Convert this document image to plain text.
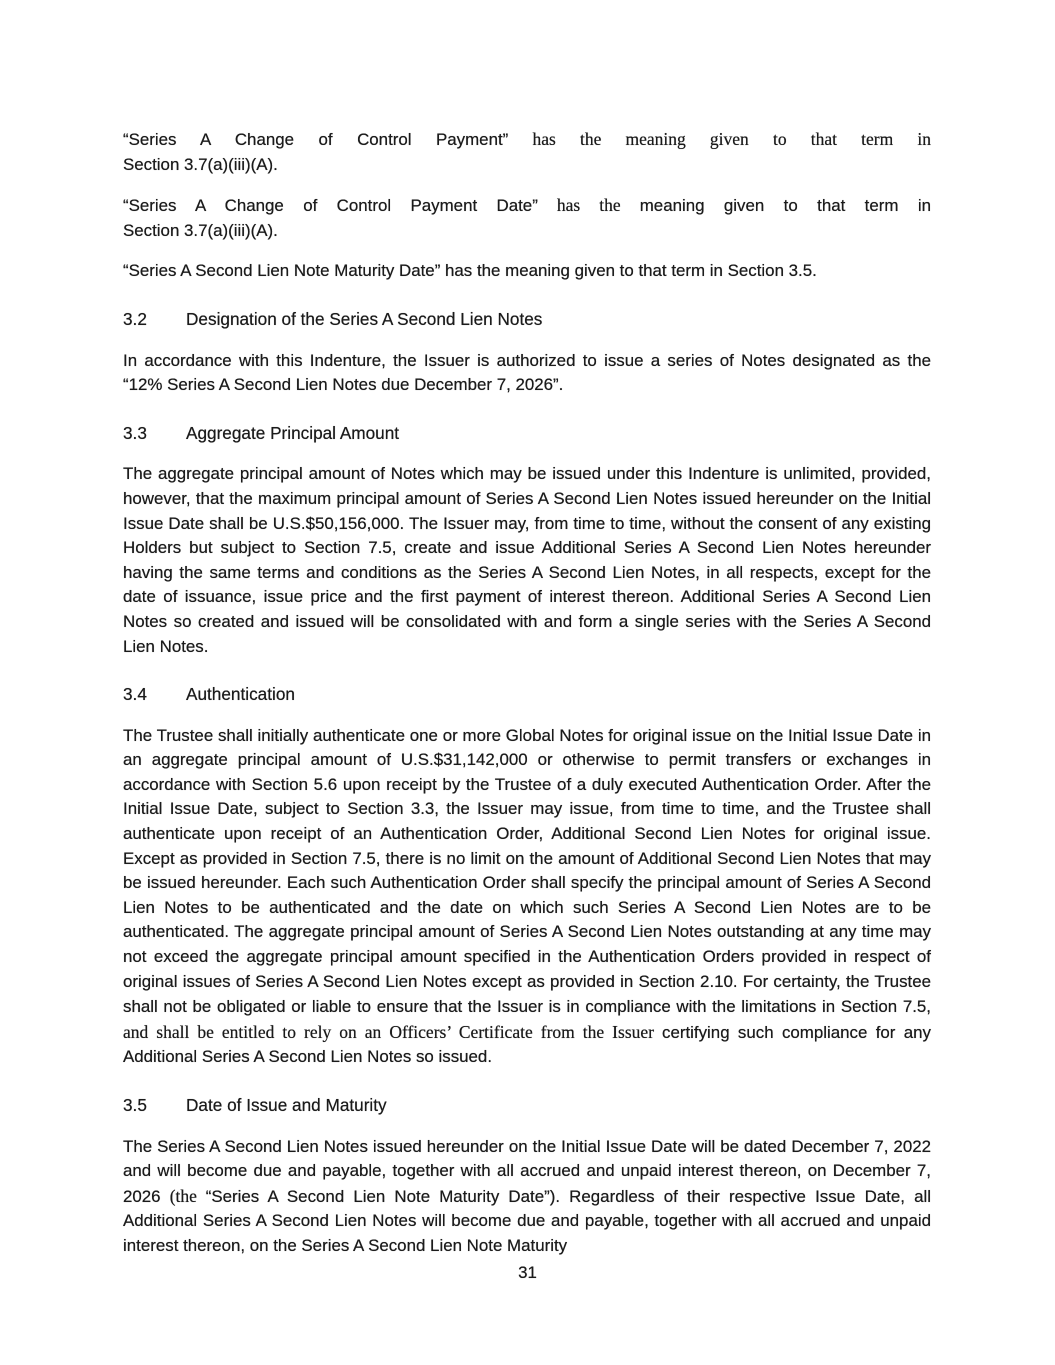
“Series A Change of Control Payment” has the meaning given to that term in
Section 3.7(a)(iii)(A).

“Series A Change of Control Payment Date” has the meaning given to that term in
Section 3.7(a)(iii)(A).

“Series A Second Lien Note Maturity Date” has the meaning given to that term in Section 3.5.

3.2 Designation of the Series A Second Lien Notes

In accordance with this Indenture, the Issuer is authorized to issue a series of Notes designated as the “12% Series A Second Lien Notes due December 7, 2026”.

3.3 Aggregate Principal Amount

The aggregate principal amount of Notes which may be issued under this Indenture is unlimited, provided, however, that the maximum principal amount of Series A Second Lien Notes issued hereunder on the Initial Issue Date shall be U.S.$50,156,000. The Issuer may, from time to time, without the consent of any existing Holders but subject to Section 7.5, create and issue Additional Series A Second Lien Notes hereunder having the same terms and conditions as the Series A Second Lien Notes, in all respects, except for the date of issuance, issue price and the first payment of interest thereon. Additional Series A Second Lien Notes so created and issued will be consolidated with and form a single series with the Series A Second Lien Notes.

3.4 Authentication

The Trustee shall initially authenticate one or more Global Notes for original issue on the Initial Issue Date in an aggregate principal amount of U.S.$31,142,000 or otherwise to permit transfers or exchanges in accordance with Section 5.6 upon receipt by the Trustee of a duly executed Authentication Order. After the Initial Issue Date, subject to Section 3.3, the Issuer may issue, from time to time, and the Trustee shall authenticate upon receipt of an Authentication Order, Additional Second Lien Notes for original issue. Except as provided in Section 7.5, there is no limit on the amount of Additional Second Lien Notes that may be issued hereunder. Each such Authentication Order shall specify the principal amount of Series A Second Lien Notes to be authenticated and the date on which such Series A Second Lien Notes are to be authenticated. The aggregate principal amount of Series A Second Lien Notes outstanding at any time may not exceed the aggregate principal amount specified in the Authentication Orders provided in respect of original issues of Series A Second Lien Notes except as provided in Section 2.10. For certainty, the Trustee shall not be obligated or liable to ensure that the Issuer is in compliance with the limitations in Section 7.5, and shall be entitled to rely on an Officers’ Certificate from the Issuer certifying such compliance for any Additional Series A Second Lien Notes so issued.

3.5 Date of Issue and Maturity

The Series A Second Lien Notes issued hereunder on the Initial Issue Date will be dated December 7, 2022 and will become due and payable, together with all accrued and unpaid interest thereon, on December 7, 2026 (the “Series A Second Lien Note Maturity Date”). Regardless of their respective Issue Date, all Additional Series A Second Lien Notes will become due and payable, together with all accrued and unpaid interest thereon, on the Series A Second Lien Note Maturity

31
